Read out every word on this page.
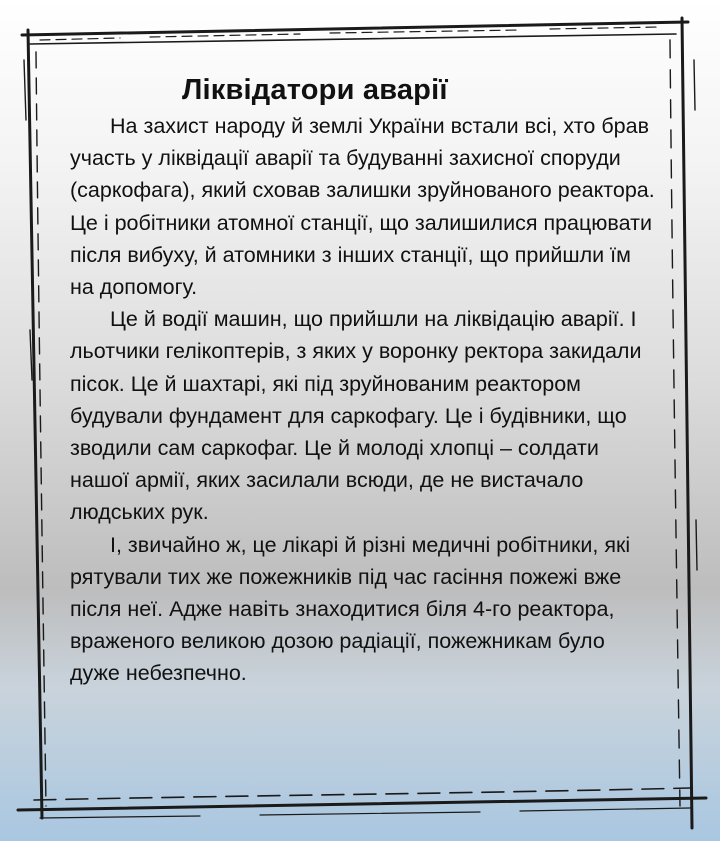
Ліквідатори аварії

На захист народу й землі України встали всі, хто брав участь у ліквідації аварії та будуванні захисної споруди (саркофага), який сховав залишки зруйнованого реактора. Це і робітники атомної станції, що залишилися працювати після вибуху, й атомники з інших станції, що прийшли їм на допомогу.

Це й водії машин, що прийшли на ліквідацію аварії. І льотчики гелікоптерів, з яких у воронку ректора закидали пісок. Це й шахтарі, які під зруйнованим реактором будували фундамент для саркофагу. Це і будівники, що зводили сам саркофаг. Це й молоді хлопці – солдати нашої армії, яких засилали всюди, де не вистачало людських рук.

І, звичайно ж, це лікарі й різні медичні робітники, які рятували тих же пожежників під час гасіння пожежі вже після неї. Адже навіть знаходитися біля 4-го реактора, враженого великою дозою радіації, пожежникам було дуже небезпечно.
